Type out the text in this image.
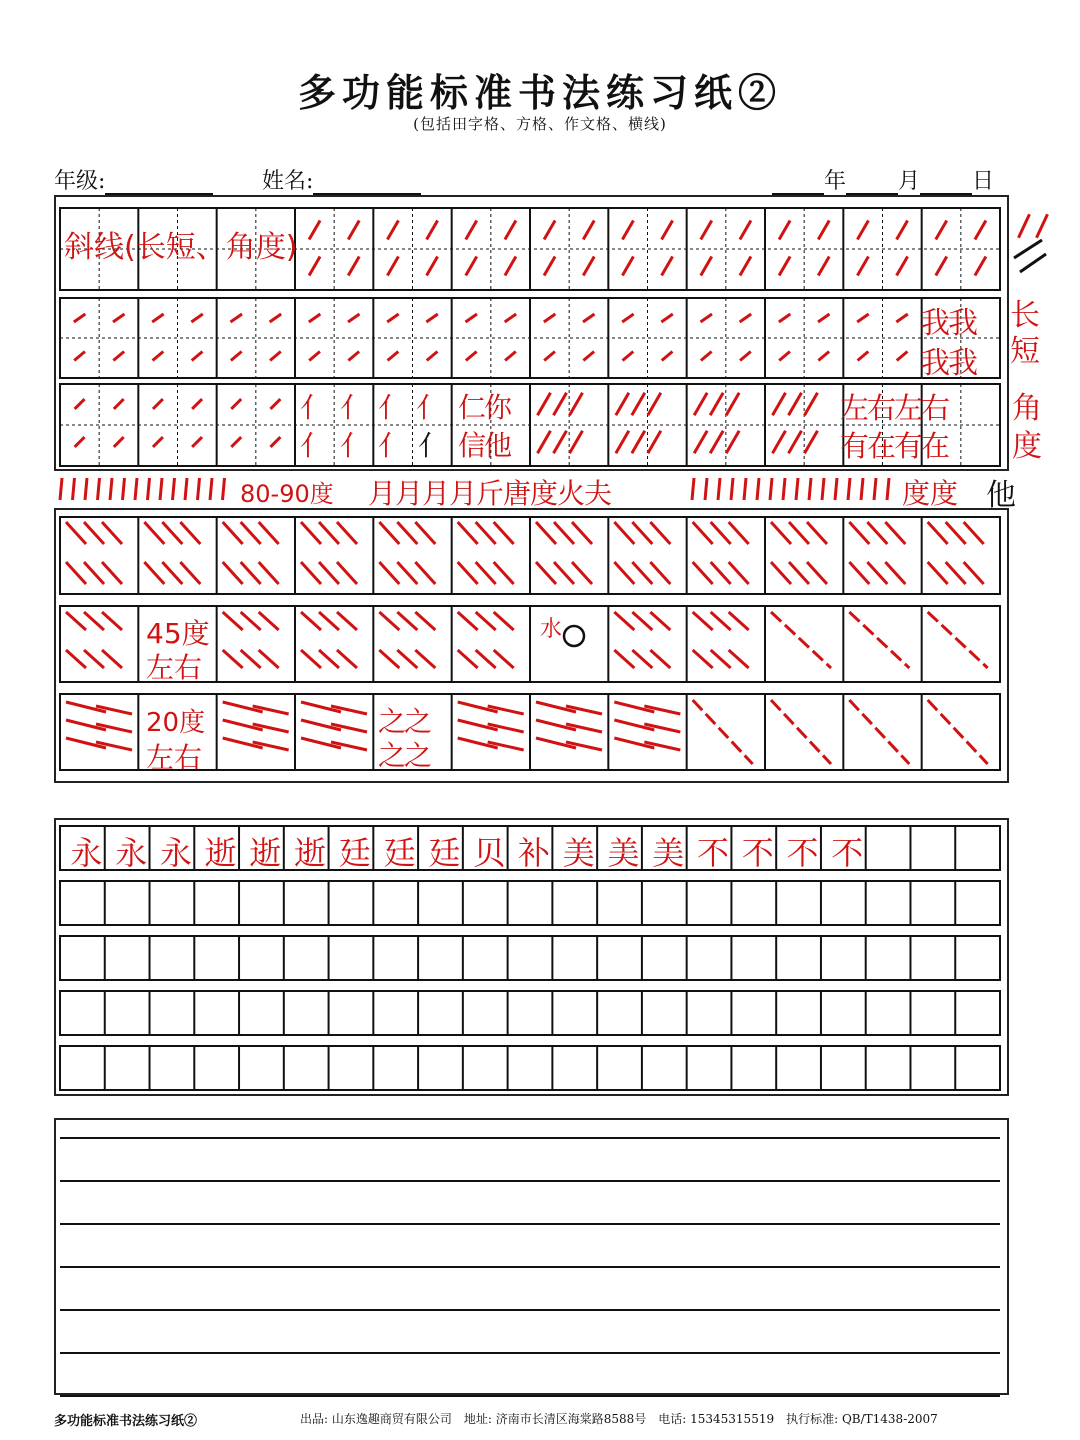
多功能标准书法练习纸②
(包括田字格、方格、作文格、横线)
年级:	姓名:	年 月 日
斜线(长短、角度)
我我
我我
长短
亻 亻 亻 亻 仁你
亻 亻 亻 亻 信他
左右左右
有在有在
角度
80-90度 月月月月斤唐度火夫	度度 他
45度
左右
水
20度
左右
之之
之之
永 永 永 逝 逝 逝 廷 廷 廷 贝 补 美 美 美 不 不 不 不
多功能标准书法练习纸②	出品: 山东逸趣商贸有限公司　地址: 济南市长清区海棠路8588号　电话: 15345315519　执行标准: QB/T1438-2007
